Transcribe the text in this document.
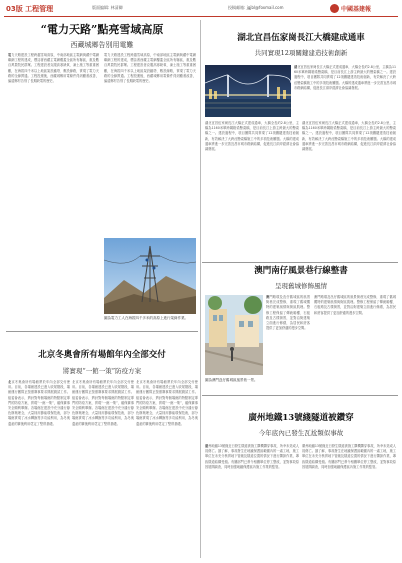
03版 工程管理	版面编辑: 林清卿	投稿邮箱: jgjbl@foxmail.com	中國基建報
“電力天路”點亮雪域高原
西藏城鄉告別用電難
電力天路建設工程跨越雪域高原，中南部地區主電網與藏中電網聯網工程的建成，標誌著西藏主電網覆蓋全區所有縣區，惠及數百萬農牧民群眾。工程建設者克服高寒缺氧、凍土施工等重重困難，在海拔四千米以上地區架設鐵塔、敷設線路，實現了電力天路的全線貫通。工程投運後，西藏城鄉用電條件得到顯著改善，偏遠鄉村告別了長期缺電的歷史。
電力天路建設工程跨越雪域高原，中南部地區主電網與藏中電網聯網工程的建成，標誌著西藏主電網覆蓋全區所有縣區，惠及數百萬農牧民群眾。工程建設者克服高寒缺氧、凍土施工等重重困難，在海拔四千米以上地區架設鐵塔、敷設線路，實現了電力天路的全線貫通。工程投運後，西藏城鄉用電條件得到顯著改善，偏遠鄉村告別了長期缺電的歷史。
圖為電力工人在海拔四千多米的高原上進行架線作業。
北京冬奧會所有場館年內全部交付
將實現“一館一策”防疫方案
北京冬奧會所有場館將於年內全部交付使用。目前，各場館建設已進入收尾階段，場館運行團隊正按照賽事要求開展測試工作。組委會表示，將針對每個場館的特點制定專門的防疫方案，實現“一館一策”，確保賽事安全順利舉辦。各場館在建設中充分踐行綠色辦奧理念，大量採用節能環保技術，部分場館實現了冰水轉換等多功能利用，為冬奧遺產的賽後利用奠定了堅實基礎。
北京冬奧會所有場館將於年內全部交付使用。目前，各場館建設已進入收尾階段，場館運行團隊正按照賽事要求開展測試工作。組委會表示，將針對每個場館的特點制定專門的防疫方案，實現“一館一策”，確保賽事安全順利舉辦。各場館在建設中充分踐行綠色辦奧理念，大量採用節能環保技術，部分場館實現了冰水轉換等多功能利用，為冬奧遺產的賽後利用奠定了堅實基礎。
北京冬奧會所有場館將於年內全部交付使用。目前，各場館建設已進入收尾階段，場館運行團隊正按照賽事要求開展測試工作。組委會表示，將針對每個場館的特點制定專門的防疫方案，實現“一館一策”，確保賽事安全順利舉辦。各場館在建設中充分踐行綠色辦奧理念，大量採用節能環保技術，部分場館實現了冰水轉換等多功能利用，為冬奧遺產的賽後利用奠定了堅實基礎。
湖北宜昌伍家崗長江大橋建成通車
共同實現12項關鍵建造技術創新
湖北宜昌伍家崗長江大橋正式建成通車，大橋全長約2.8公里，主橋為1160米單跨鋼箱梁懸索橋，是目前長江上游主跨最大的懸索橋之一。建設過程中，項目團隊共同實現了12項關鍵建造技術創新，有效解決了大跨徑懸索橋施工中的多項技術難題。大橋的建成通車將進一步完善宜昌市城市路網結構，促進長江兩岸經濟社會協調發展。
湖北宜昌伍家崗長江大橋正式建成通車，大橋全長約2.8公里，主橋為1160米單跨鋼箱梁懸索橋，是目前長江上游主跨最大的懸索橋之一。建設過程中，項目團隊共同實現了12項關鍵建造技術創新，有效解決了大跨徑懸索橋施工中的多項技術難題。大橋的建成通車將進一步完善宜昌市城市路網結構，促進長江兩岸經濟社會協調發展。
湖北宜昌伍家崗長江大橋正式建成通車，大橋全長約2.8公里，主橋為1160米單跨鋼箱梁懸索橋，是目前長江上游主跨最大的懸索橋之一。建設過程中，項目團隊共同實現了12項關鍵建造技術創新，有效解決了大跨徑懸索橋施工中的多項技術難題。大橋的建成通車將進一步完善宜昌市城市路網結構，促進長江兩岸經濟社會協調發展。
澳門南仔風景巷行線整書
呈現舊城修飾風情
澳門路環及氹仔舊城區的風景街巷完成整修，重現了舊城獨特的建築風情與街區肌理。整修工程保留了傳統騎樓、石板路及古樸街景，並對沿街建築立面進行修繕，為居民和遊客提供了更加舒適的漫步空間。
澳門路環及氹仔舊城區的風景街巷完成整修，重現了舊城獨特的建築風情與街區肌理。整修工程保留了傳統騎樓、石板路及古樸街景，並對沿街建築立面進行修繕，為居民和遊客提供了更加舒適的漫步空間。
圖為澳門氹仔舊城區風景巷一景。
廣州地鐵13號綫隧道被鑽穿
今年底內已發生瓦尬類似事故
廣州地鐵13號綫近日發生隧道被施工鑽機鑽穿事故，所幸未造成人員傷亡。據了解，事故發生在地鐵保護區範圍內的一處工地，施工單位在未充分核實地下管綫及隧道位置的情況下進行鑽探作業，導致隧道結構受損。有關部門已責令相關單位停工整改，並對事故原因展開調查，同時加強地鐵保護區內施工作業的監管。
廣州地鐵13號綫近日發生隧道被施工鑽機鑽穿事故，所幸未造成人員傷亡。據了解，事故發生在地鐵保護區範圍內的一處工地，施工單位在未充分核實地下管綫及隧道位置的情況下進行鑽探作業，導致隧道結構受損。有關部門已責令相關單位停工整改，並對事故原因展開調查，同時加強地鐵保護區內施工作業的監管。
